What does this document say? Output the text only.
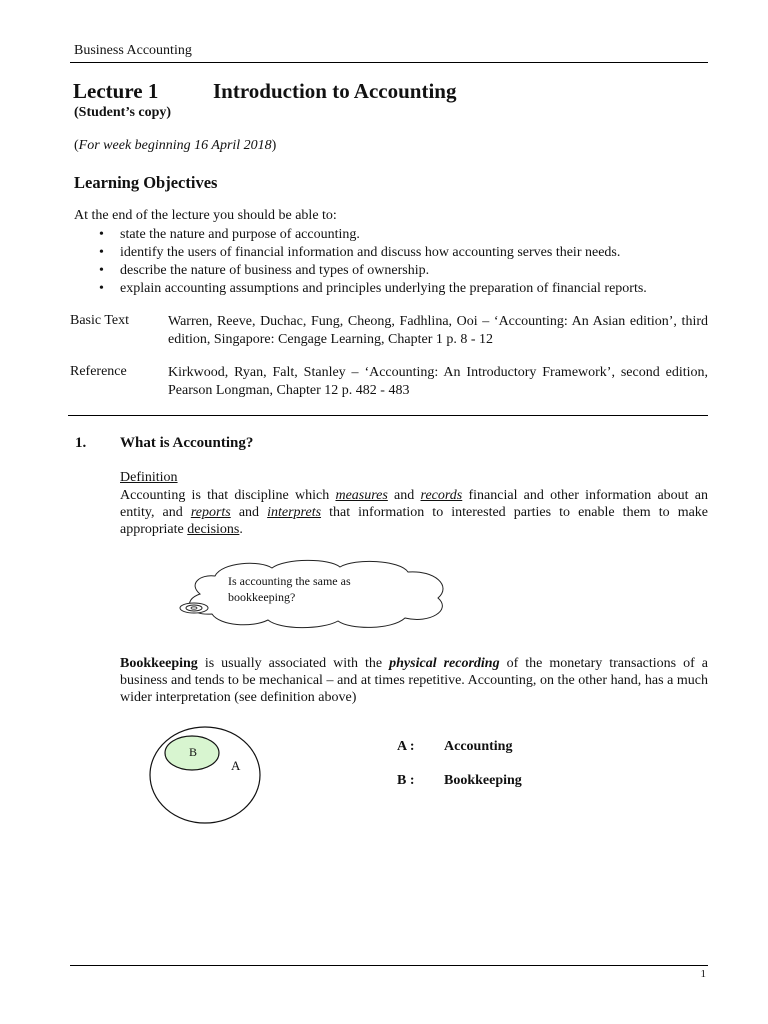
Business Accounting
Lecture 1	Introduction to Accounting
(Student’s copy)
(For week beginning 16 April 2018)
Learning Objectives
At the end of the lecture you should be able to:
• state the nature and purpose of accounting.
• identify the users of financial information and discuss how accounting serves their needs.
• describe the nature of business and types of ownership.
• explain accounting assumptions and principles underlying the preparation of financial reports.
Basic Text	Warren, Reeve, Duchac, Fung, Cheong, Fadhlina, Ooi – ‘Accounting: An Asian edition’, third edition, Singapore: Cengage Learning, Chapter 1 p. 8 - 12
Reference	Kirkwood, Ryan, Falt, Stanley – ‘Accounting: An Introductory Framework’, second edition, Pearson Longman, Chapter 12 p. 482 - 483
1. What is Accounting?
Definition
Accounting is that discipline which measures and records financial and other information about an entity, and reports and interprets that information to interested parties to enable them to make appropriate decisions.
Is accounting the same as bookkeeping?
Bookkeeping is usually associated with the physical recording of the monetary transactions of a business and tends to be mechanical – and at times repetitive. Accounting, on the other hand, has a much wider interpretation (see definition above)
B
A
A : Accounting
B : Bookkeeping
1
